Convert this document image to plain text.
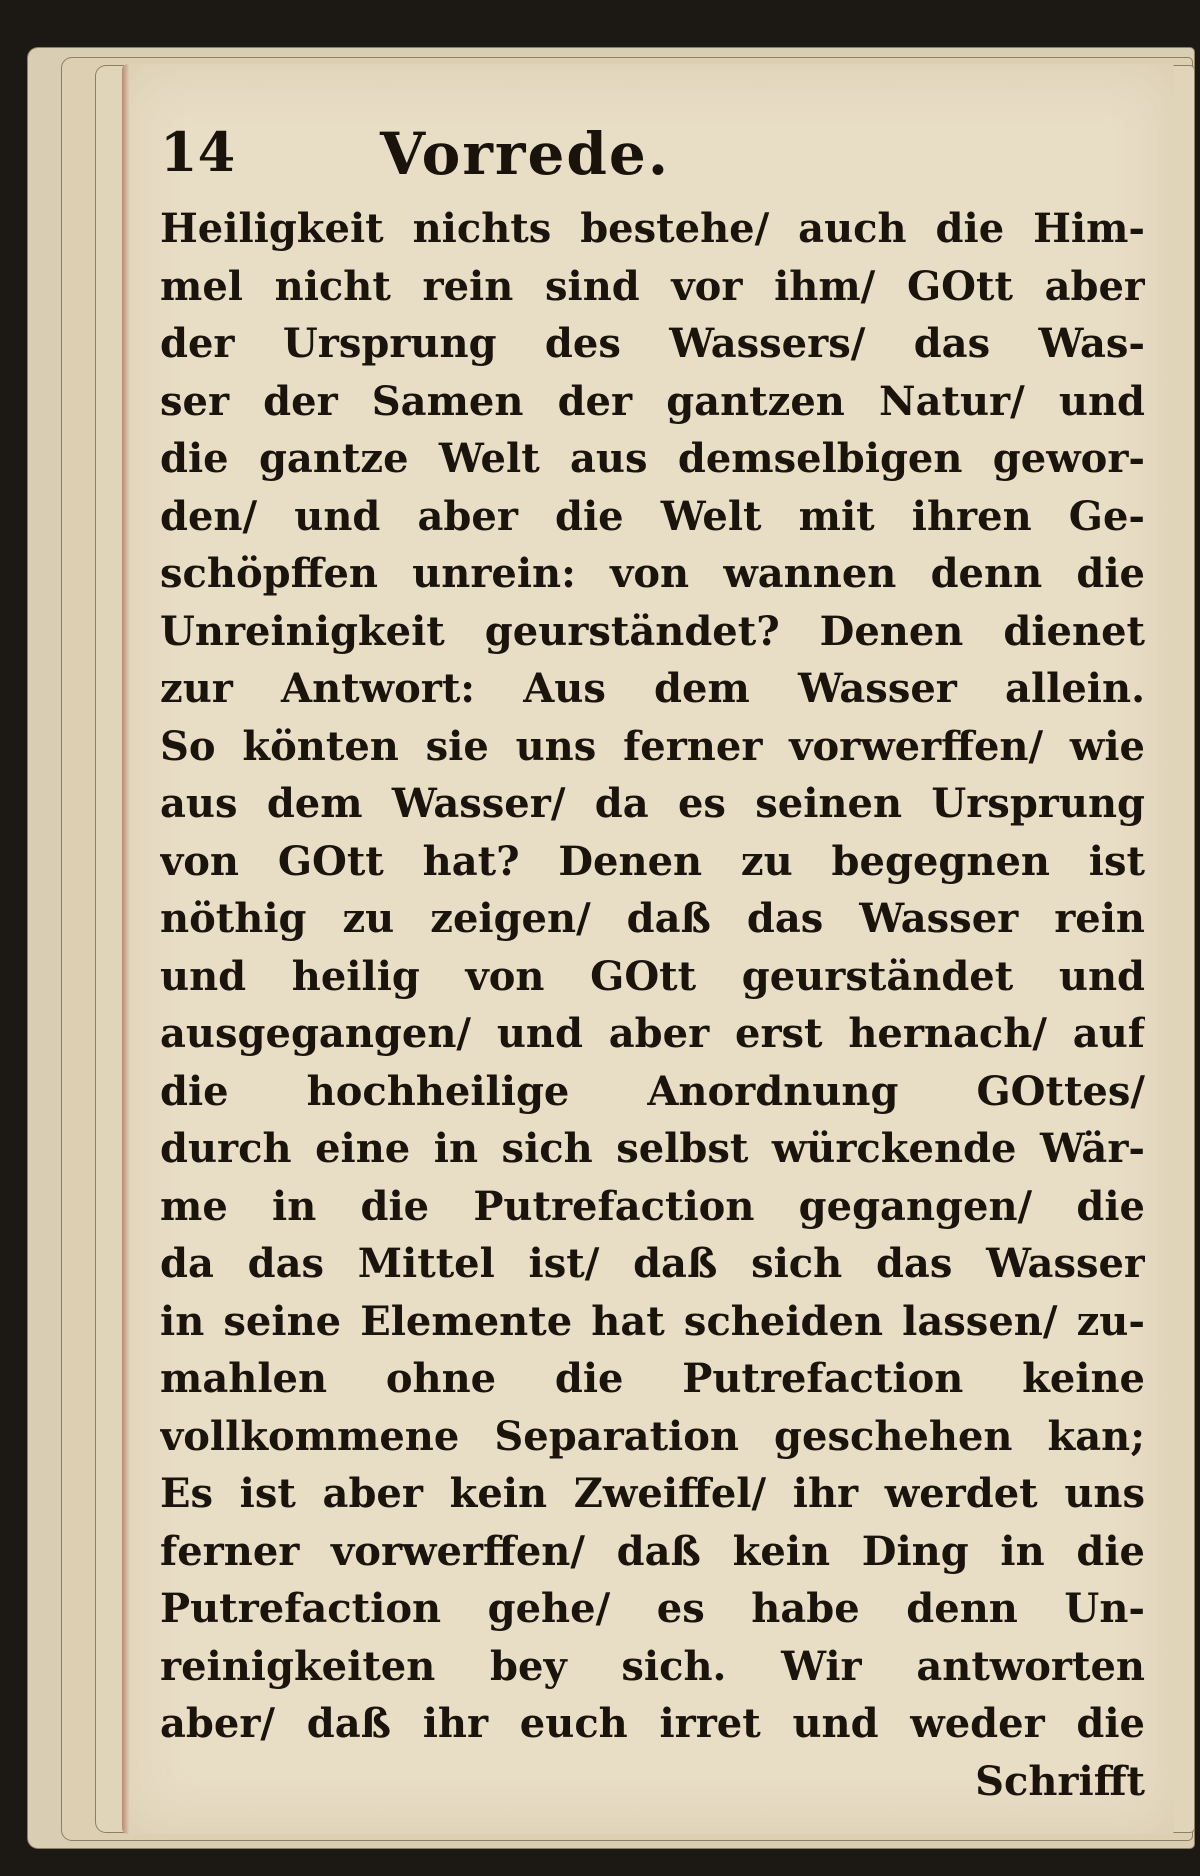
14 Vorrede.
Heiligkeit nichts bestehe/ auch die Him-
mel nicht rein sind vor ihm/ GOtt aber
der Ursprung des Wassers/ das Was-
ser der Samen der gantzen Natur/ und
die gantze Welt aus demselbigen gewor-
den/ und aber die Welt mit ihren Ge-
schöpffen unrein: von wannen denn die
Unreinigkeit geurständet? Denen dienet
zur Antwort: Aus dem Wasser allein.
So könten sie uns ferner vorwerffen/ wie
aus dem Wasser/ da es seinen Ursprung
von GOtt hat? Denen zu begegnen ist
nöthig zu zeigen/ daß das Wasser rein
und heilig von GOtt geurständet und
ausgegangen/ und aber erst hernach/ auf
die hochheilige Anordnung GOttes/
durch eine in sich selbst würckende Wär-
me in die Putrefaction gegangen/ die
da das Mittel ist/ daß sich das Wasser
in seine Elemente hat scheiden lassen/ zu-
mahlen ohne die Putrefaction keine
vollkommene Separation geschehen kan;
Es ist aber kein Zweiffel/ ihr werdet uns
ferner vorwerffen/ daß kein Ding in die
Putrefaction gehe/ es habe denn Un-
reinigkeiten bey sich. Wir antworten
aber/ daß ihr euch irret und weder die
Schrifft
